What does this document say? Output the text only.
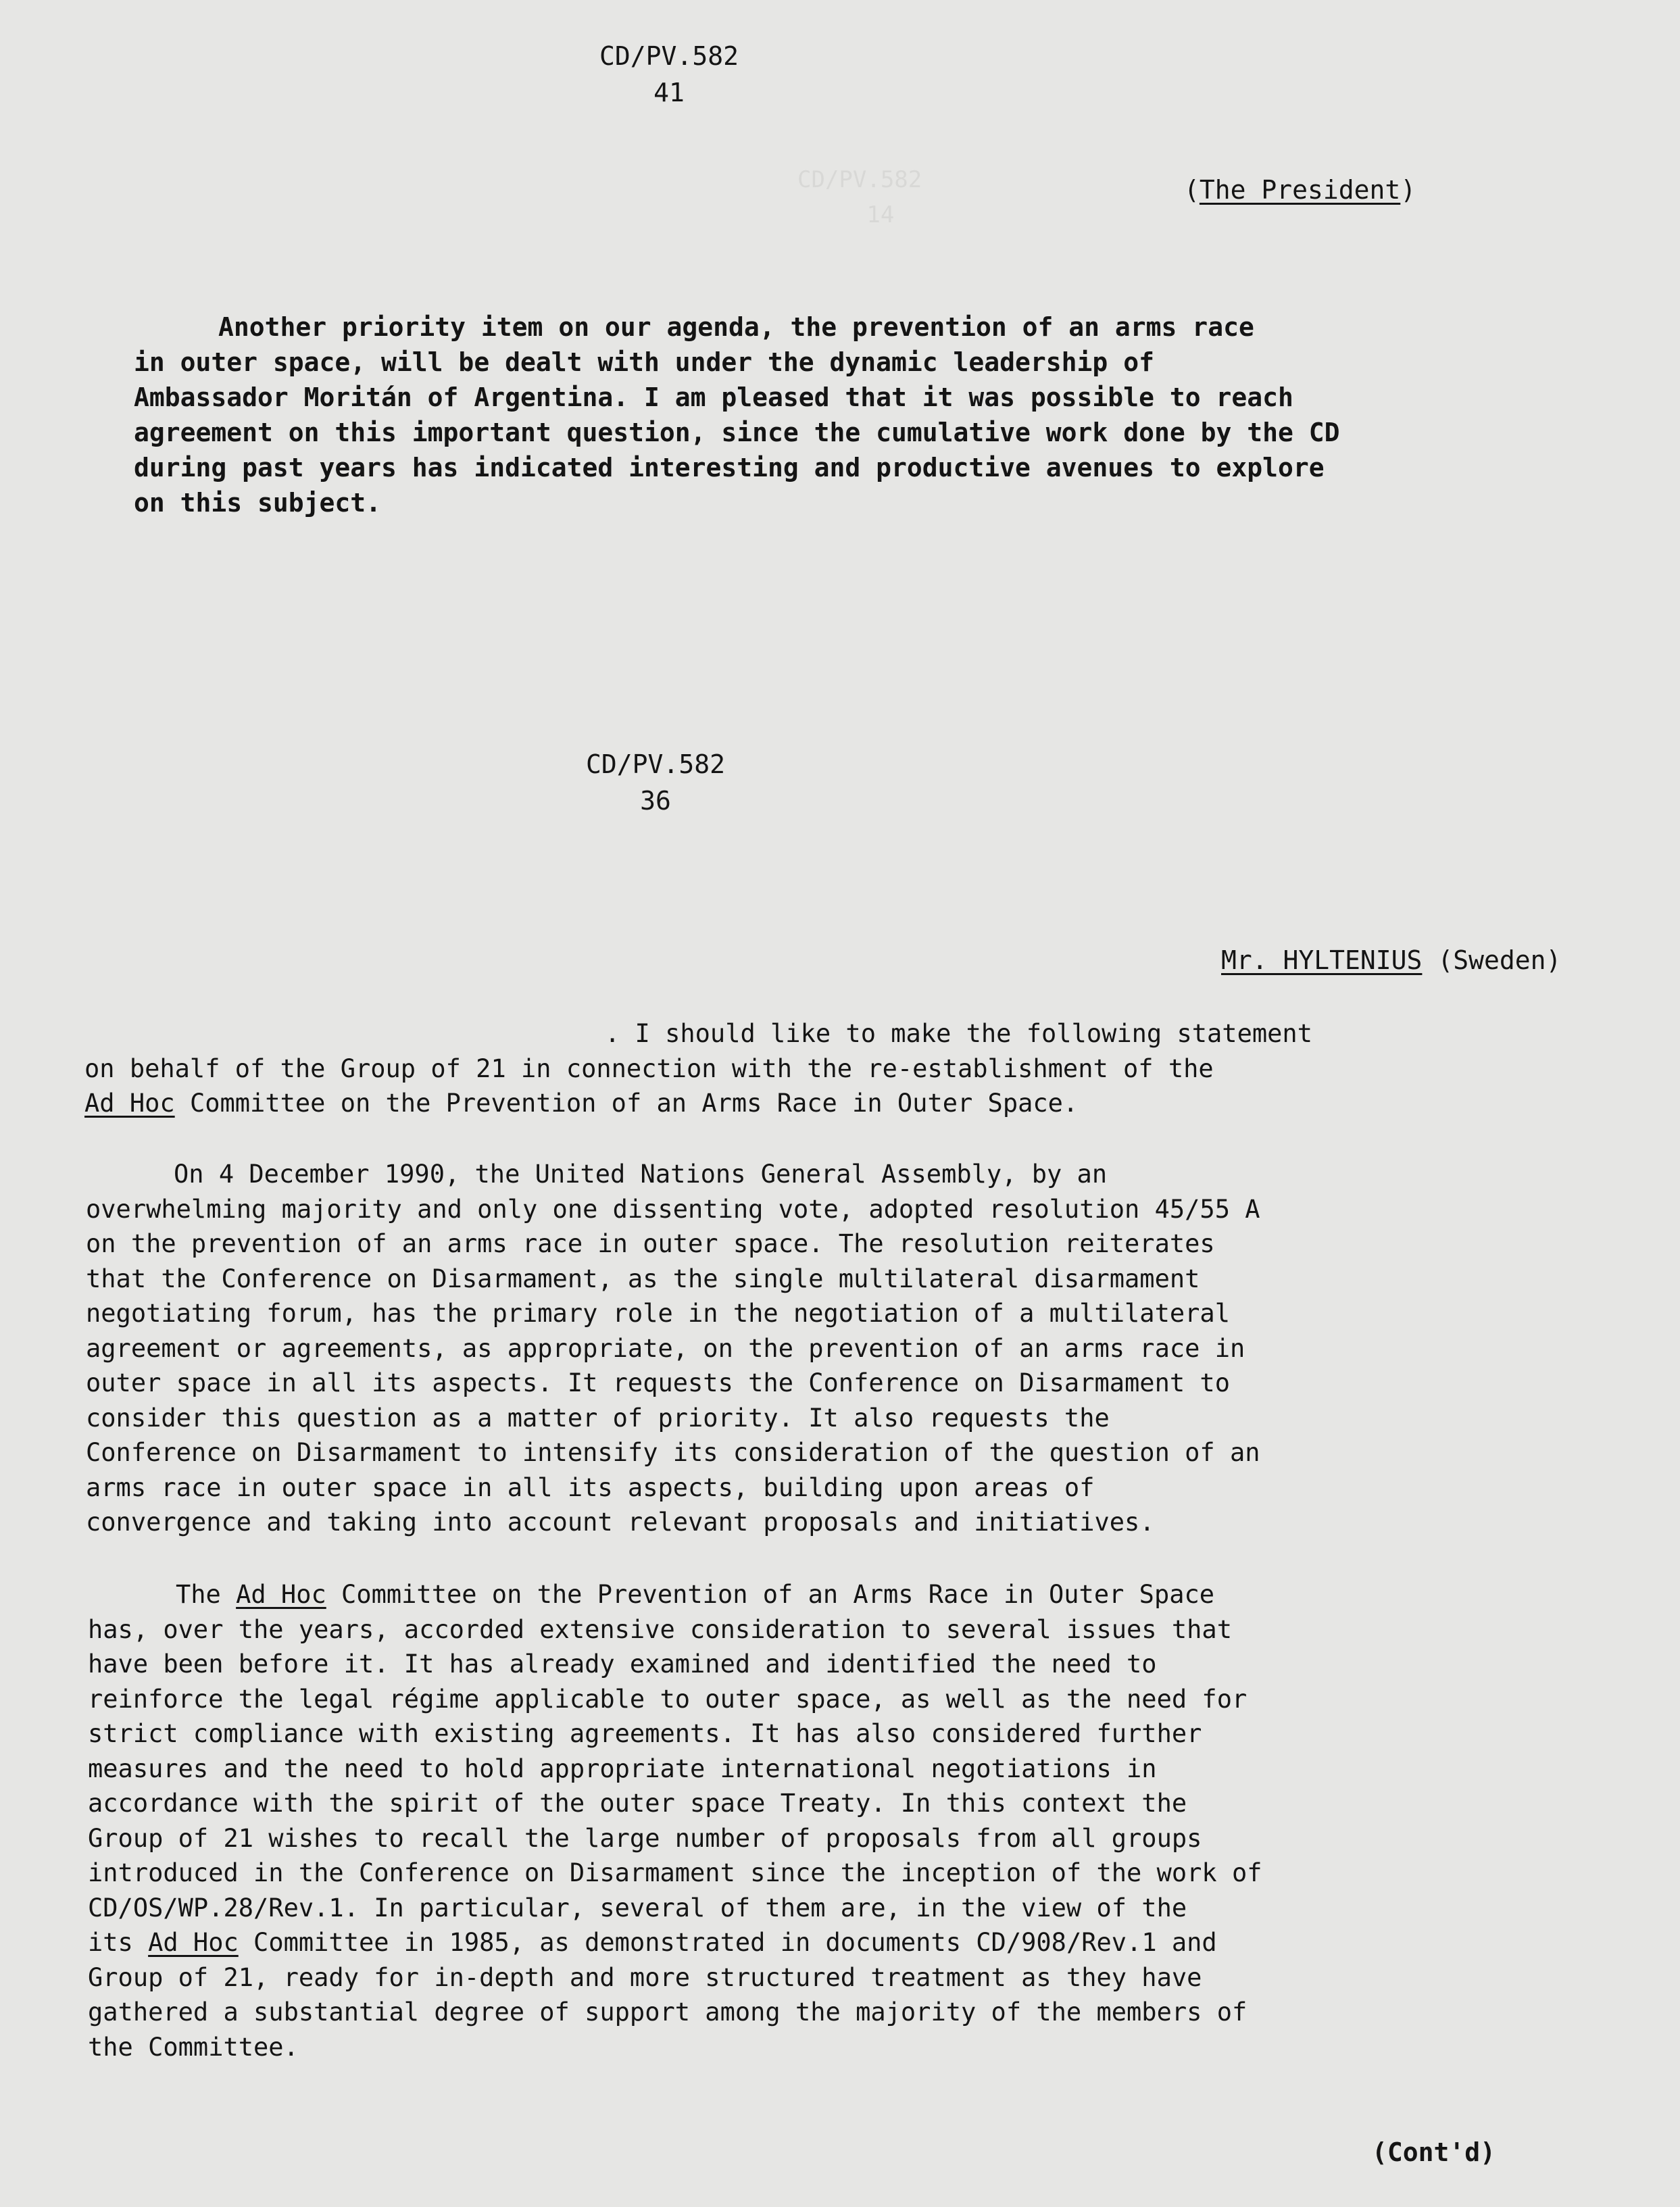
CD/PV.582
14
CD/PV.582
41
(The President)
Another priority item on our agenda, the prevention of an arms race
in outer space, will be dealt with under the dynamic leadership of
Ambassador Moritán of Argentina. I am pleased that it was possible to reach
agreement on this important question, since the cumulative work done by the CD
during past years has indicated interesting and productive avenues to explore
on this subject.
CD/PV.582
36
Mr. HYLTENIUS (Sweden)
. I should like to make the following statement
on behalf of the Group of 21 in connection with the re-establishment of the
Ad Hoc Committee on the Prevention of an Arms Race in Outer Space.
On 4 December 1990, the United Nations General Assembly, by an
overwhelming majority and only one dissenting vote, adopted resolution 45/55 A
on the prevention of an arms race in outer space. The resolution reiterates
that the Conference on Disarmament, as the single multilateral disarmament
negotiating forum, has the primary role in the negotiation of a multilateral
agreement or agreements, as appropriate, on the prevention of an arms race in
outer space in all its aspects. It requests the Conference on Disarmament to
consider this question as a matter of priority. It also requests the
Conference on Disarmament to intensify its consideration of the question of an
arms race in outer space in all its aspects, building upon areas of
convergence and taking into account relevant proposals and initiatives.
The Ad Hoc Committee on the Prevention of an Arms Race in Outer Space
has, over the years, accorded extensive consideration to several issues that
have been before it. It has already examined and identified the need to
reinforce the legal régime applicable to outer space, as well as the need for
strict compliance with existing agreements. It has also considered further
measures and the need to hold appropriate international negotiations in
accordance with the spirit of the outer space Treaty. In this context the
Group of 21 wishes to recall the large number of proposals from all groups
introduced in the Conference on Disarmament since the inception of the work of
CD/OS/WP.28/Rev.1. In particular, several of them are, in the view of the
its Ad Hoc Committee in 1985, as demonstrated in documents CD/908/Rev.1 and
Group of 21, ready for in-depth and more structured treatment as they have
gathered a substantial degree of support among the majority of the members of
the Committee.
(Cont'd)
